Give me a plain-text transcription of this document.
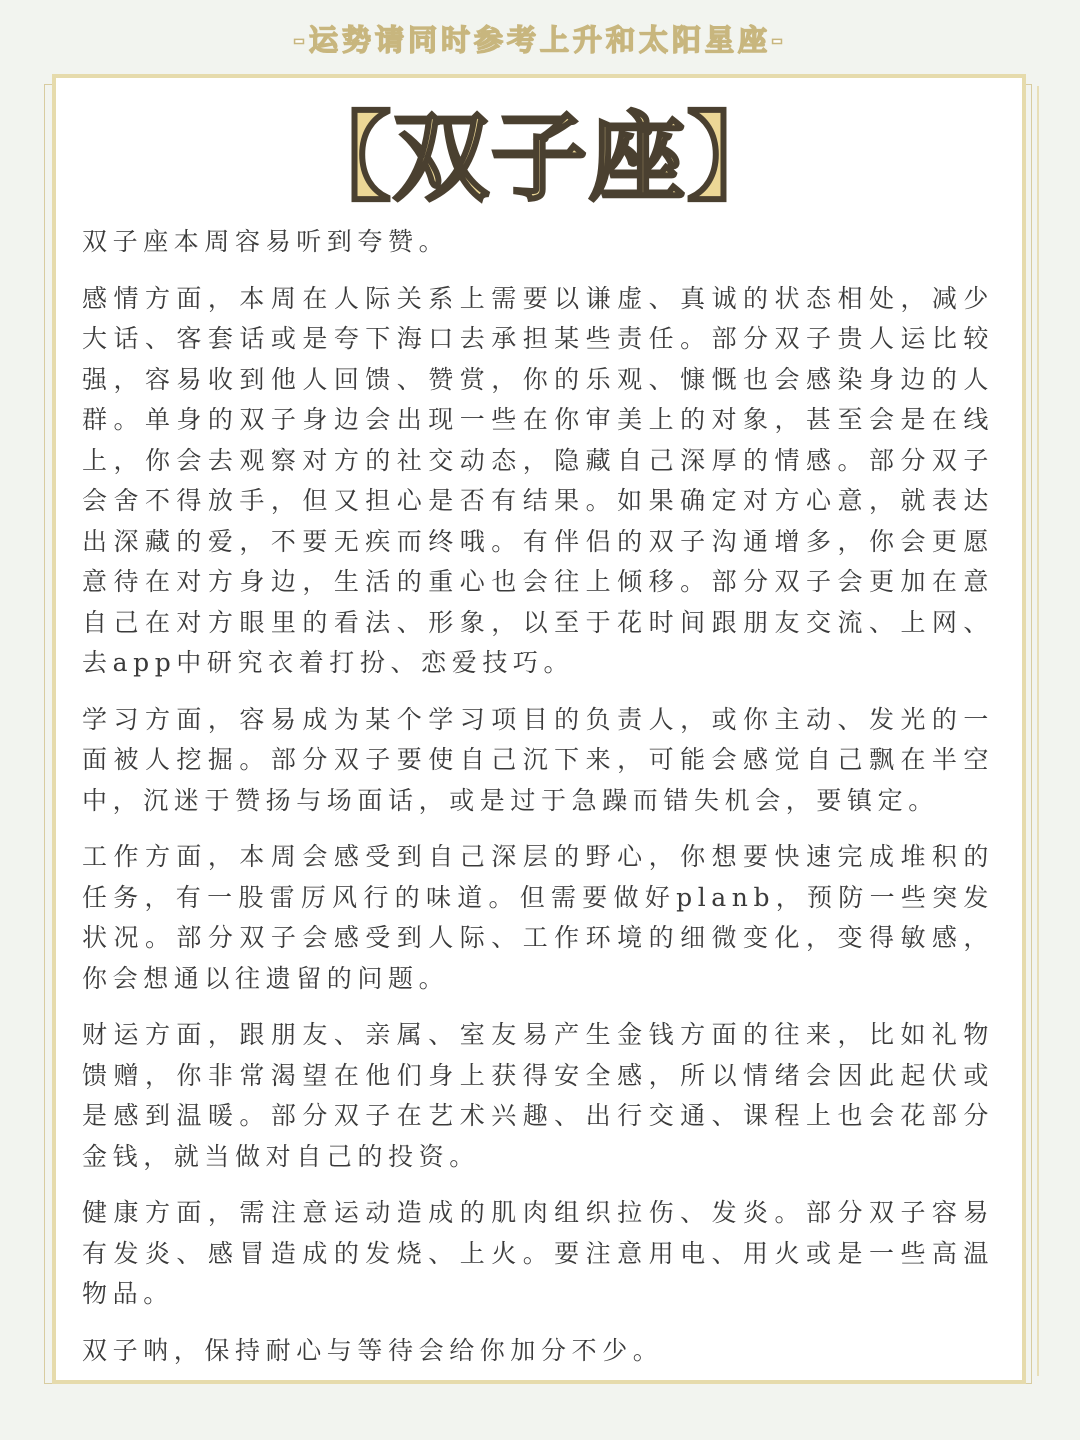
-运势请同时参考上升和太阳星座-
【双子座】

双子座本周容易听到夸赞。

感情方面，本周在人际关系上需要以谦虚、真诚的状态相处，减少大话、客套话或是夸下海口去承担某些责任。部分双子贵人运比较强，容易收到他人回馈、赞赏，你的乐观、慷慨也会感染身边的人群。单身的双子身边会出现一些在你审美上的对象，甚至会是在线上，你会去观察对方的社交动态，隐藏自己深厚的情感。部分双子会舍不得放手，但又担心是否有结果。如果确定对方心意，就表达出深藏的爱，不要无疾而终哦。有伴侣的双子沟通增多，你会更愿意待在对方身边，生活的重心也会往上倾移。部分双子会更加在意自己在对方眼里的看法、形象，以至于花时间跟朋友交流、上网、去app中研究衣着打扮、恋爱技巧。

学习方面，容易成为某个学习项目的负责人，或你主动、发光的一面被人挖掘。部分双子要使自己沉下来，可能会感觉自己飘在半空中，沉迷于赞扬与场面话，或是过于急躁而错失机会，要镇定。

工作方面，本周会感受到自己深层的野心，你想要快速完成堆积的任务，有一股雷厉风行的味道。但需要做好planb，预防一些突发状况。部分双子会感受到人际、工作环境的细微变化，变得敏感，你会想通以往遗留的问题。

财运方面，跟朋友、亲属、室友易产生金钱方面的往来，比如礼物馈赠，你非常渴望在他们身上获得安全感，所以情绪会因此起伏或是感到温暖。部分双子在艺术兴趣、出行交通、课程上也会花部分金钱，就当做对自己的投资。

健康方面，需注意运动造成的肌肉组织拉伤、发炎。部分双子容易有发炎、感冒造成的发烧、上火。要注意用电、用火或是一些高温物品。

双子呐，保持耐心与等待会给你加分不少。
